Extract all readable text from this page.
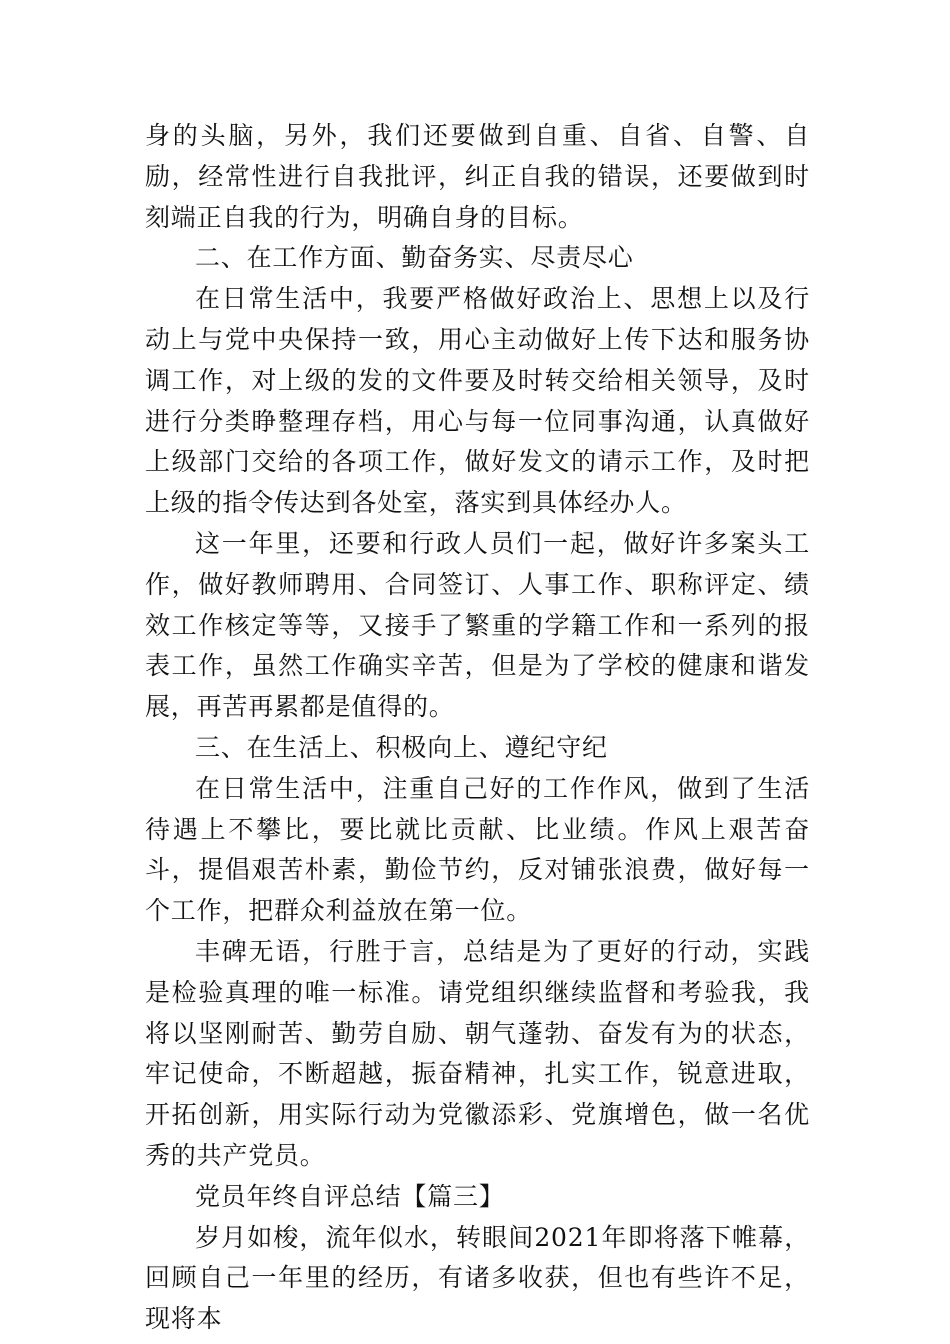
身的头脑，另外，我们还要做到自重、自省、自警、自励，经常性进行自我批评，纠正自我的错误，还要做到时刻端正自我的行为，明确自身的目标。

二、在工作方面、勤奋务实、尽责尽心

在日常生活中，我要严格做好政治上、思想上以及行动上与党中央保持一致，用心主动做好上传下达和服务协调工作，对上级的发的文件要及时转交给相关领导，及时进行分类睁整理存档，用心与每一位同事沟通，认真做好上级部门交给的各项工作，做好发文的请示工作，及时把上级的指令传达到各处室，落实到具体经办人。

这一年里，还要和行政人员们一起，做好许多案头工作，做好教师聘用、合同签订、人事工作、职称评定、绩效工作核定等等，又接手了繁重的学籍工作和一系列的报表工作，虽然工作确实辛苦，但是为了学校的健康和谐发展，再苦再累都是值得的。

三、在生活上、积极向上、遵纪守纪

在日常生活中，注重自己好的工作作风，做到了生活待遇上不攀比，要比就比贡献、比业绩。作风上艰苦奋斗，提倡艰苦朴素，勤俭节约，反对铺张浪费，做好每一个工作，把群众利益放在第一位。

丰碑无语，行胜于言，总结是为了更好的行动，实践是检验真理的唯一标准。请党组织继续监督和考验我，我将以坚刚耐苦、勤劳自励、朝气蓬勃、奋发有为的状态，牢记使命，不断超越，振奋精神，扎实工作，锐意进取，开拓创新，用实际行动为党徽添彩、党旗增色，做一名优秀的共产党员。

党员年终自评总结【篇三】

岁月如梭，流年似水，转眼间2021年即将落下帷幕，回顾自己一年里的经历，有诸多收获，但也有些许不足，现将本
